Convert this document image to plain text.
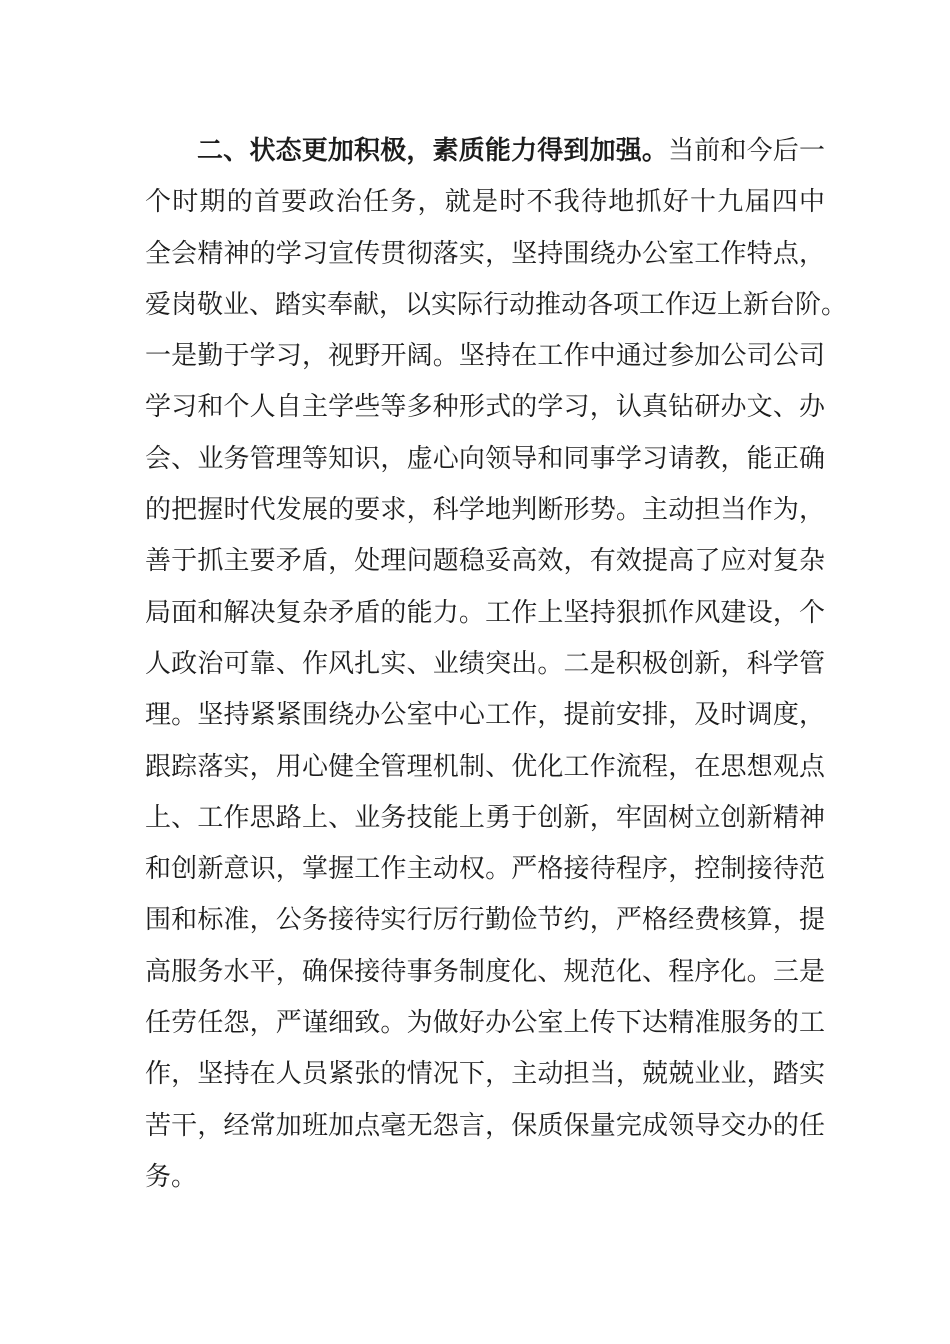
二、状态更加积极，素质能力得到加强。当前和今后一
个时期的首要政治任务，就是时不我待地抓好十九届四中
全会精神的学习宣传贯彻落实，坚持围绕办公室工作特点，
爱岗敬业、踏实奉献，以实际行动推动各项工作迈上新台阶。
一是勤于学习，视野开阔。坚持在工作中通过参加公司公司
学习和个人自主学些等多种形式的学习，认真钻研办文、办
会、业务管理等知识，虚心向领导和同事学习请教，能正确
的把握时代发展的要求，科学地判断形势。主动担当作为，
善于抓主要矛盾，处理问题稳妥高效，有效提高了应对复杂
局面和解决复杂矛盾的能力。工作上坚持狠抓作风建设，个
人政治可靠、作风扎实、业绩突出。二是积极创新，科学管
理。坚持紧紧围绕办公室中心工作，提前安排，及时调度，
跟踪落实，用心健全管理机制、优化工作流程，在思想观点
上、工作思路上、业务技能上勇于创新，牢固树立创新精神
和创新意识，掌握工作主动权。严格接待程序，控制接待范
围和标准，公务接待实行厉行勤俭节约，严格经费核算，提
高服务水平，确保接待事务制度化、规范化、程序化。三是
任劳任怨，严谨细致。为做好办公室上传下达精准服务的工
作，坚持在人员紧张的情况下，主动担当，兢兢业业，踏实
苦干，经常加班加点毫无怨言，保质保量完成领导交办的任
务。
